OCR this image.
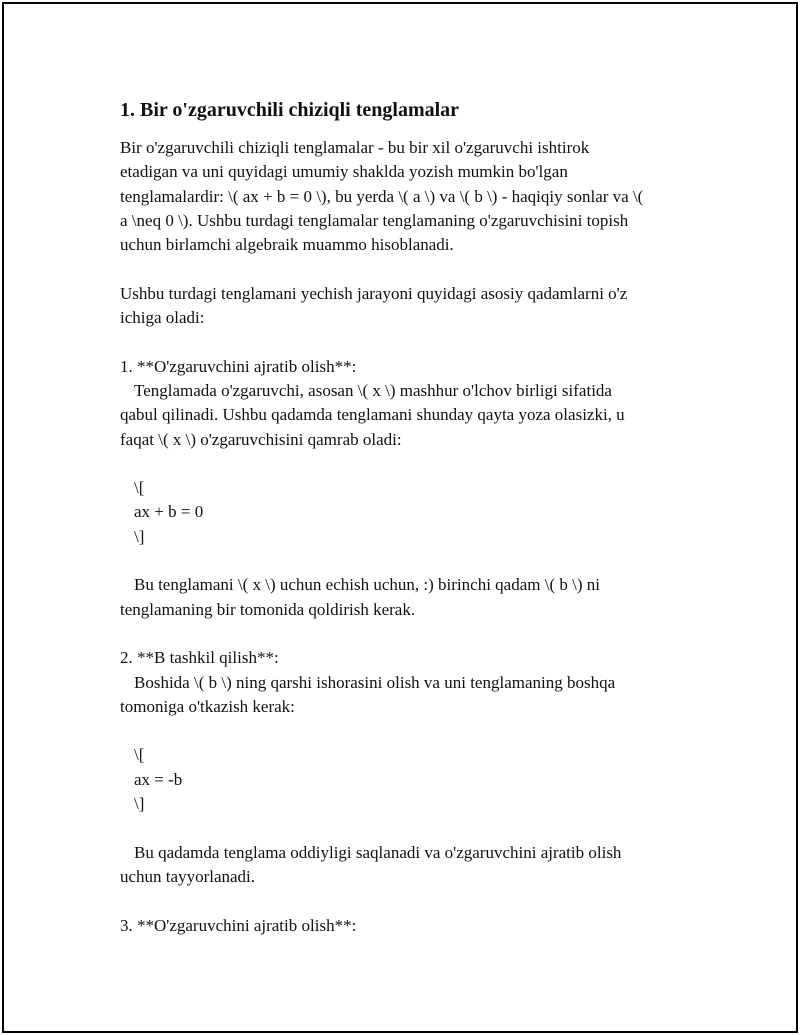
1. Bir o'zgaruvchili chiziqli tenglamalar
Bir o'zgaruvchili chiziqli tenglamalar - bu bir xil o'zgaruvchi ishtirok
etadigan va uni quyidagi umumiy shaklda yozish mumkin bo'lgan
tenglamalardir: \( ax + b = 0 \), bu yerda \( a \) va \( b \) - haqiqiy sonlar va \(
a \neq 0 \). Ushbu turdagi tenglamalar tenglamaning o'zgaruvchisini topish
uchun birlamchi algebraik muammo hisoblanadi.
Ushbu turdagi tenglamani yechish jarayoni quyidagi asosiy qadamlarni o'z
ichiga oladi:
1. **O'zgaruvchini ajratib olish**:
Tenglamada o'zgaruvchi, asosan \( x \) mashhur o'lchov birligi sifatida
qabul qilinadi. Ushbu qadamda tenglamani shunday qayta yoza olasizki, u
faqat \( x \) o'zgaruvchisini qamrab oladi:
\[
ax + b = 0
\]
Bu tenglamani \( x \) uchun echish uchun, :) birinchi qadam \( b \) ni
tenglamaning bir tomonida qoldirish kerak.
2. **B tashkil qilish**:
Boshida \( b \) ning qarshi ishorasini olish va uni tenglamaning boshqa
tomoniga o'tkazish kerak:
\[
ax = -b
\]
Bu qadamda tenglama oddiyligi saqlanadi va o'zgaruvchini ajratib olish
uchun tayyorlanadi.
3. **O'zgaruvchini ajratib olish**:
